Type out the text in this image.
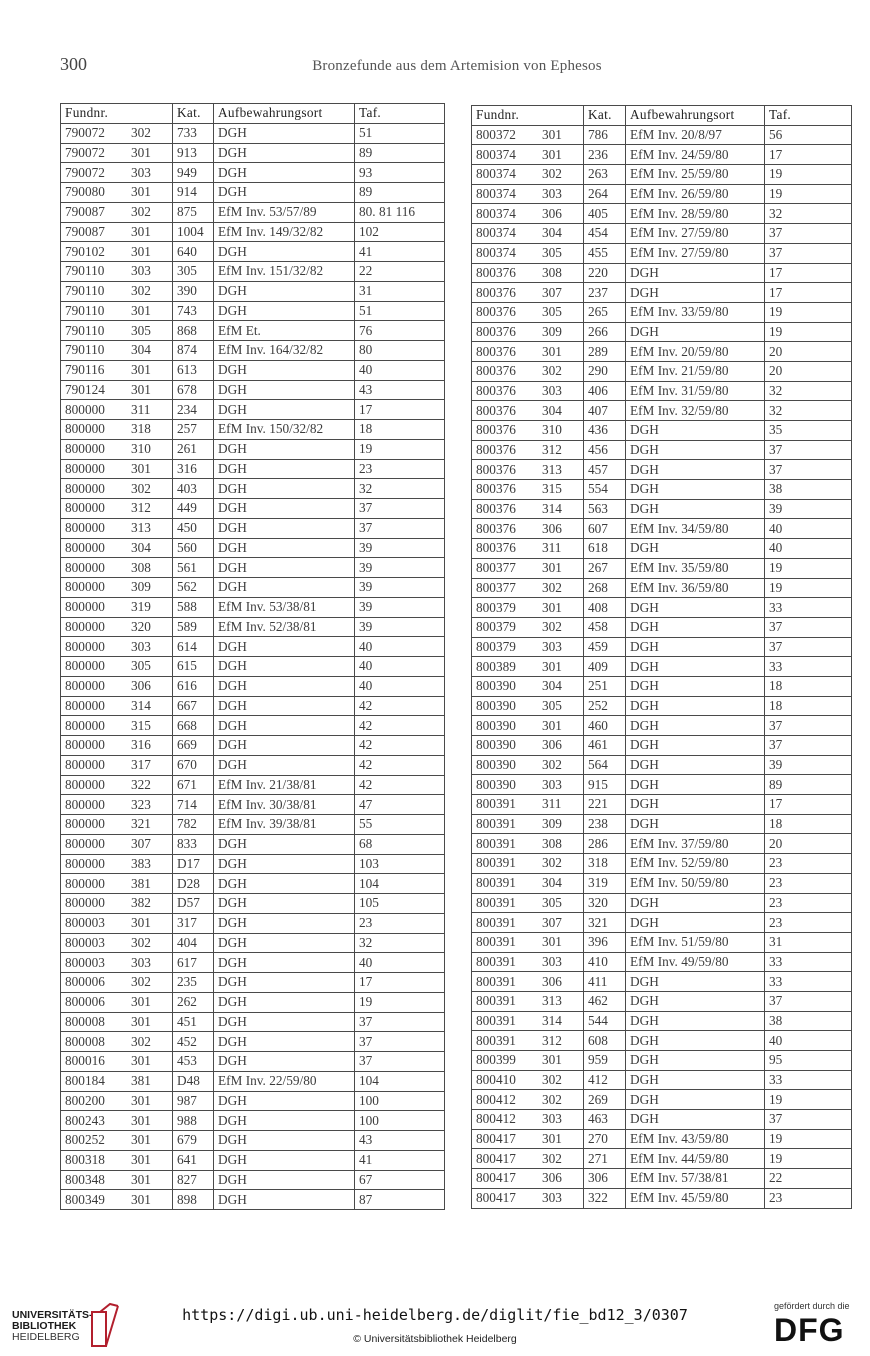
300	Bronzefunde aus dem Artemision von Ephesos
Fundnr.	Kat.	Aufbewahrungsort	Taf.
790072 302	733	DGH	51
790072 301	913	DGH	89
790072 303	949	DGH	93
790080 301	914	DGH	89
790087 302	875	EfM Inv. 53/57/89	80. 81 116
790087 301	1004	EfM Inv. 149/32/82	102
790102 301	640	DGH	41
790110 303	305	EfM Inv. 151/32/82	22
790110 302	390	DGH	31
790110 301	743	DGH	51
790110 305	868	EfM Et.	76
790110 304	874	EfM Inv. 164/32/82	80
790116 301	613	DGH	40
790124 301	678	DGH	43
800000 311	234	DGH	17
800000 318	257	EfM Inv. 150/32/82	18
800000 310	261	DGH	19
800000 301	316	DGH	23
800000 302	403	DGH	32
800000 312	449	DGH	37
800000 313	450	DGH	37
800000 304	560	DGH	39
800000 308	561	DGH	39
800000 309	562	DGH	39
800000 319	588	EfM Inv. 53/38/81	39
800000 320	589	EfM Inv. 52/38/81	39
800000 303	614	DGH	40
800000 305	615	DGH	40
800000 306	616	DGH	40
800000 314	667	DGH	42
800000 315	668	DGH	42
800000 316	669	DGH	42
800000 317	670	DGH	42
800000 322	671	EfM Inv. 21/38/81	42
800000 323	714	EfM Inv. 30/38/81	47
800000 321	782	EfM Inv. 39/38/81	55
800000 307	833	DGH	68
800000 383	D17	DGH	103
800000 381	D28	DGH	104
800000 382	D57	DGH	105
800003 301	317	DGH	23
800003 302	404	DGH	32
800003 303	617	DGH	40
800006 302	235	DGH	17
800006 301	262	DGH	19
800008 301	451	DGH	37
800008 302	452	DGH	37
800016 301	453	DGH	37
800184 381	D48	EfM Inv. 22/59/80	104
800200 301	987	DGH	100
800243 301	988	DGH	100
800252 301	679	DGH	43
800318 301	641	DGH	41
800348 301	827	DGH	67
800349 301	898	DGH	87
Fundnr.	Kat.	Aufbewahrungsort	Taf.
800372 301	786	EfM Inv. 20/8/97	56
800374 301	236	EfM Inv. 24/59/80	17
800374 302	263	EfM Inv. 25/59/80	19
800374 303	264	EfM Inv. 26/59/80	19
800374 306	405	EfM Inv. 28/59/80	32
800374 304	454	EfM Inv. 27/59/80	37
800374 305	455	EfM Inv. 27/59/80	37
800376 308	220	DGH	17
800376 307	237	DGH	17
800376 305	265	EfM Inv. 33/59/80	19
800376 309	266	DGH	19
800376 301	289	EfM Inv. 20/59/80	20
800376 302	290	EfM Inv. 21/59/80	20
800376 303	406	EfM Inv. 31/59/80	32
800376 304	407	EfM Inv. 32/59/80	32
800376 310	436	DGH	35
800376 312	456	DGH	37
800376 313	457	DGH	37
800376 315	554	DGH	38
800376 314	563	DGH	39
800376 306	607	EfM Inv. 34/59/80	40
800376 311	618	DGH	40
800377 301	267	EfM Inv. 35/59/80	19
800377 302	268	EfM Inv. 36/59/80	19
800379 301	408	DGH	33
800379 302	458	DGH	37
800379 303	459	DGH	37
800389 301	409	DGH	33
800390 304	251	DGH	18
800390 305	252	DGH	18
800390 301	460	DGH	37
800390 306	461	DGH	37
800390 302	564	DGH	39
800390 303	915	DGH	89
800391 311	221	DGH	17
800391 309	238	DGH	18
800391 308	286	EfM Inv. 37/59/80	20
800391 302	318	EfM Inv. 52/59/80	23
800391 304	319	EfM Inv. 50/59/80	23
800391 305	320	DGH	23
800391 307	321	DGH	23
800391 301	396	EfM Inv. 51/59/80	31
800391 303	410	EfM Inv. 49/59/80	33
800391 306	411	DGH	33
800391 313	462	DGH	37
800391 314	544	DGH	38
800391 312	608	DGH	40
800399 301	959	DGH	95
800410 302	412	DGH	33
800412 302	269	DGH	19
800412 303	463	DGH	37
800417 301	270	EfM Inv. 43/59/80	19
800417 302	271	EfM Inv. 44/59/80	19
800417 306	306	EfM Inv. 57/38/81	22
800417 303	322	EfM Inv. 45/59/80	23
UNIVERSITÄTS-
BIBLIOTHEK
HEIDELBERG
https://digi.ub.uni-heidelberg.de/diglit/fie_bd12_3/0307
© Universitätsbibliothek Heidelberg
gefördert durch die
DFG
